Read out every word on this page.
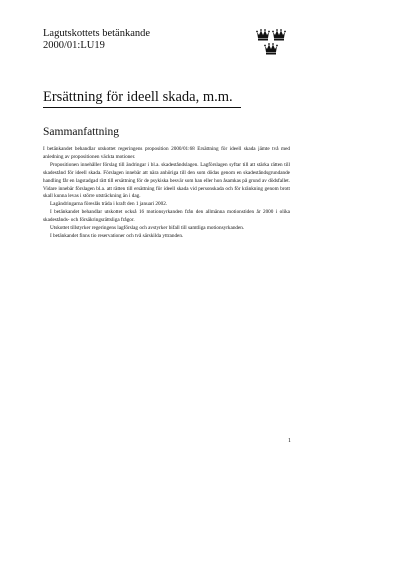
Lagutskottets betänkande
2000/01:LU19
Ersättning för ideell skada, m.m.
Sammanfattning

I betänkandet behandlar utskottet regeringens proposition 2000/01:68 Ersättning för ideell skada jämte två med anledning av propositionen väckta motioner.

Propositionen innehåller förslag till ändringar i bl.a. skadeståndslagen. Lagförslagen syftar till att stärka rätten till skadestånd för ideell skada. Förslagen innebär att nära anhöriga till den som dödas genom en skadeståndsgrundande handling får en lagstadgad rätt till ersättning för de psykiska besvär som han eller hon åsamkas på grund av dödsfallet. Vidare innebär förslagen bl.a. att rätten till ersättning för ideell skada vid personskada och för kränkning genom brott skall kunna levas i större utsträckning än i dag.

Lagändringarna föreslås träda i kraft den 1 januari 2002.

I betänkandet behandlar utskottet också 16 motionsyrkanden från den allmänna motionstiden år 2000 i olika skadestånds- och försäkringsrättsliga frågor.

Utskottet tillstyrker regeringens lagförslag och avstyrker bifall till samtliga motionsyrkanden.

I betänkandet finns tio reservationer och två särskilda yttranden.

1
